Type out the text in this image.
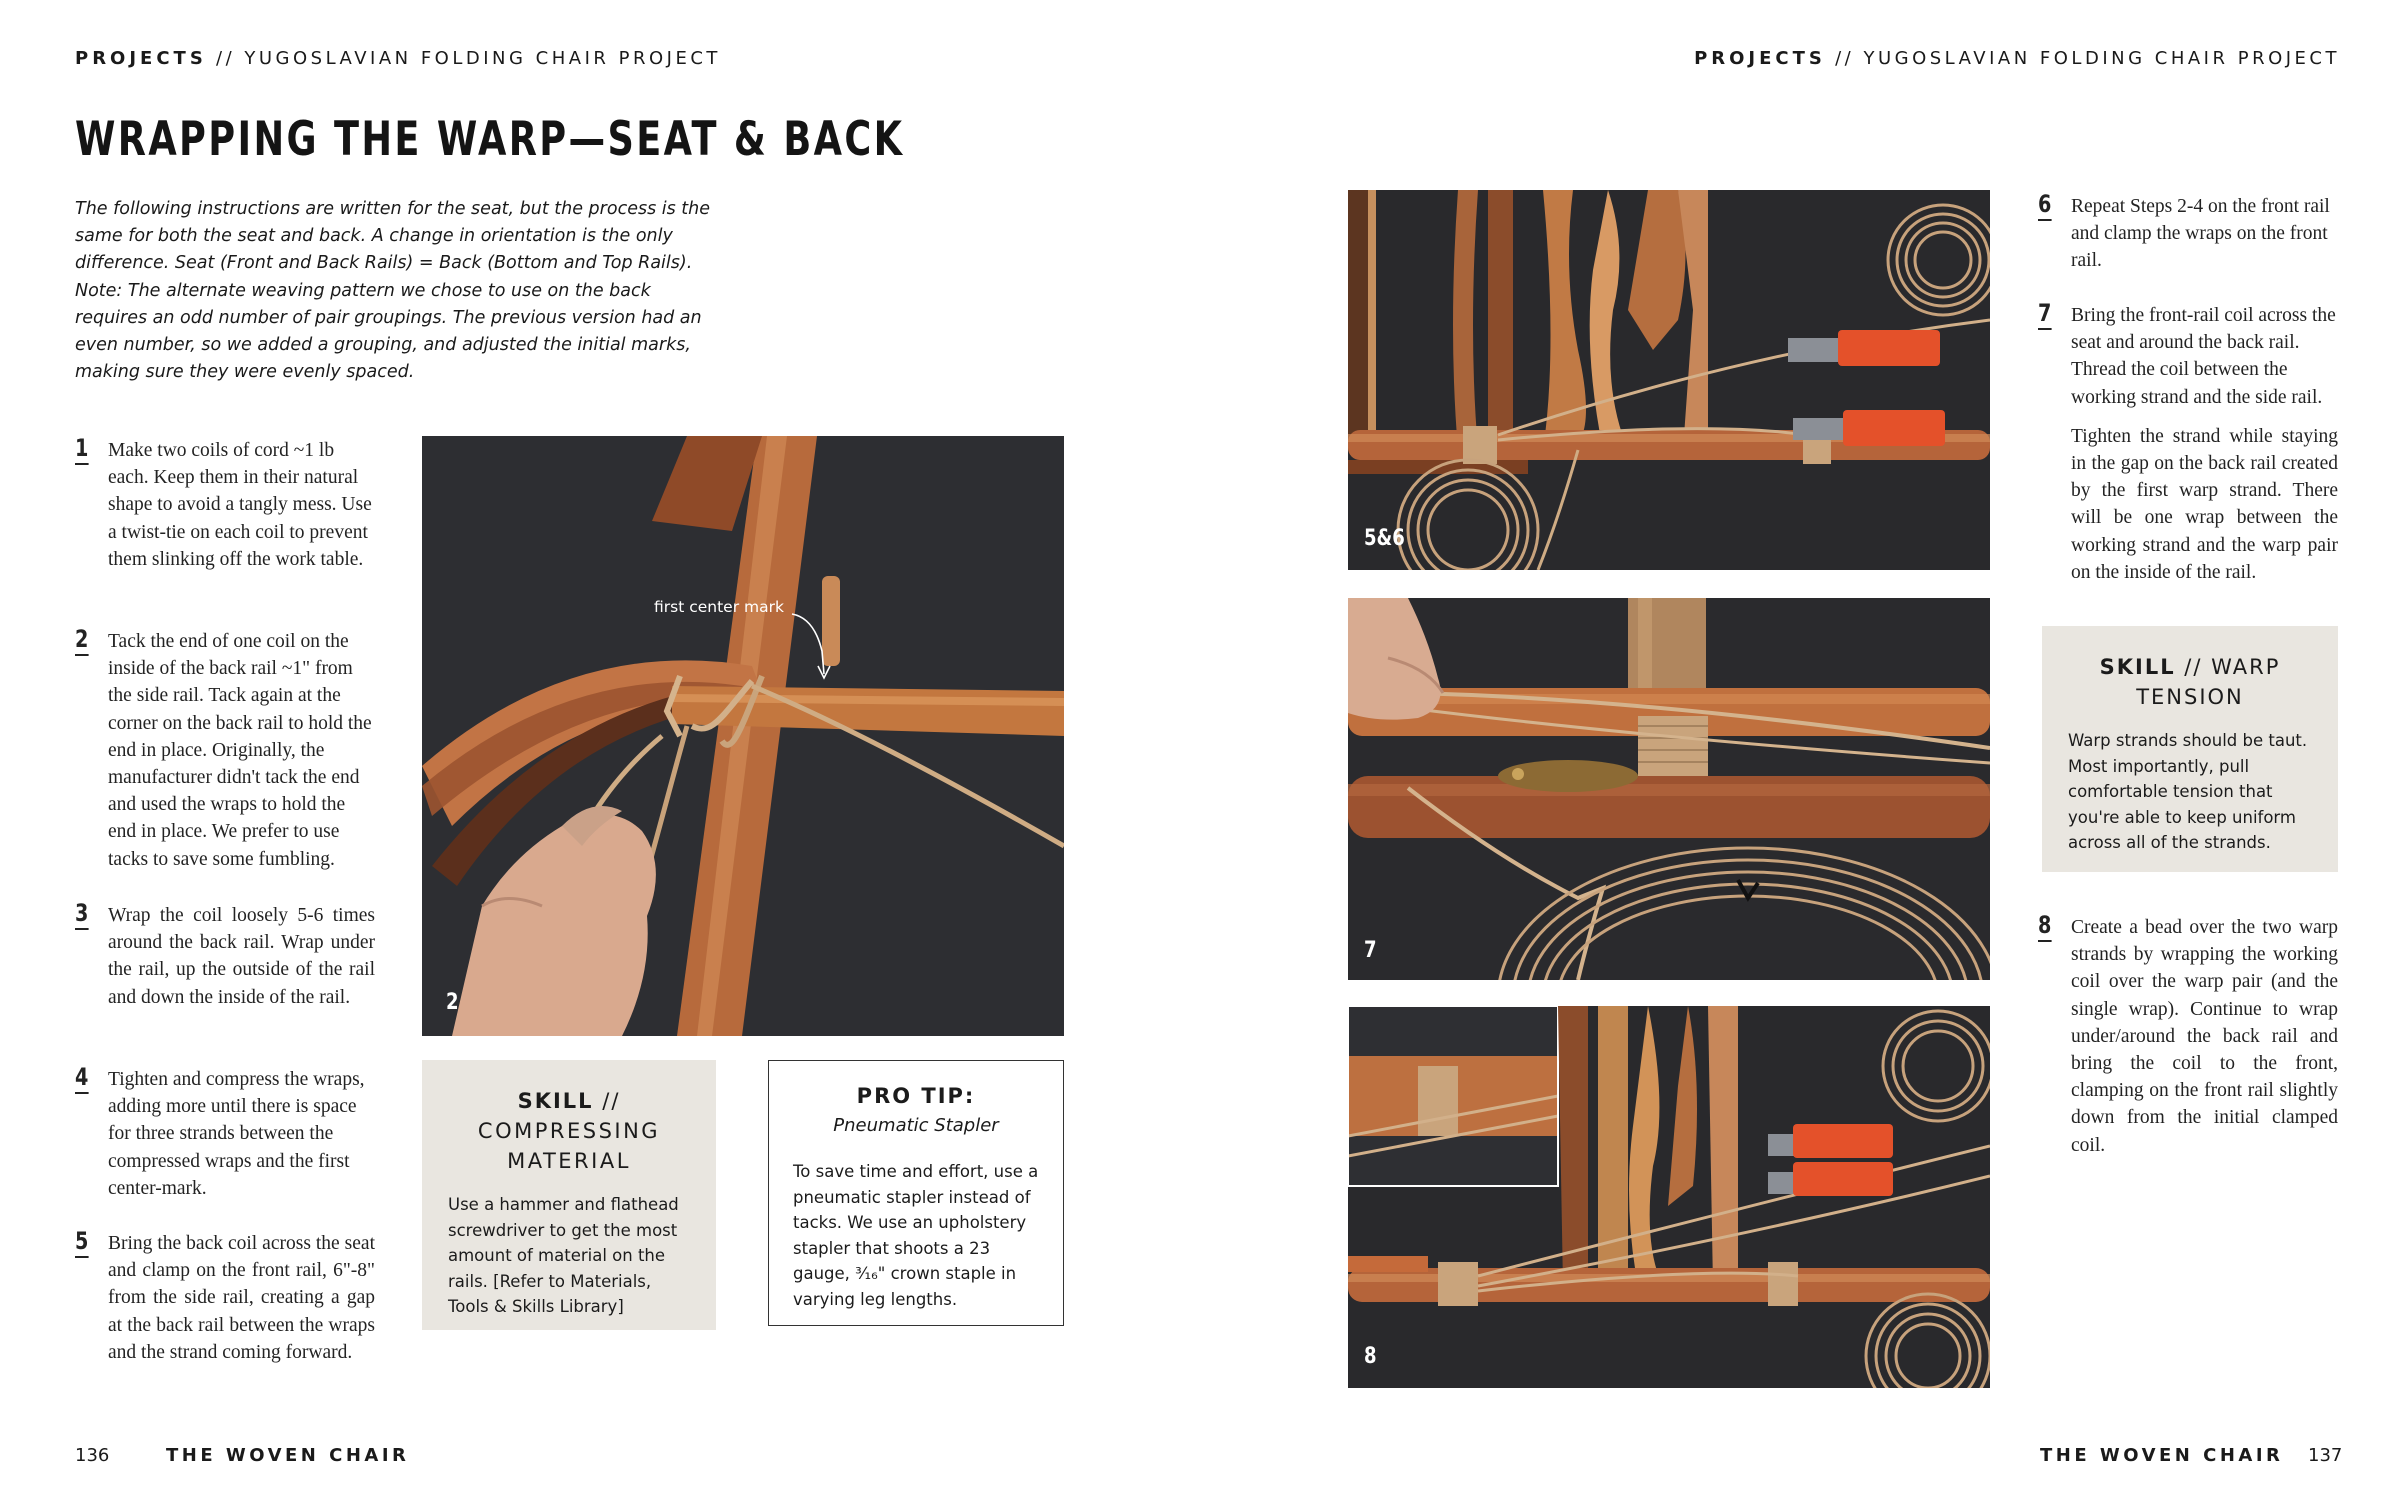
PROJECTS // YUGOSLAVIAN FOLDING CHAIR PROJECT	PROJECTS // YUGOSLAVIAN FOLDING CHAIR PROJECT
WRAPPING THE WARP—SEAT & BACK

The following instructions are written for the seat, but the process is the same for both the seat and back. A change in orientation is the only difference. Seat (Front and Back Rails) = Back (Bottom and Top Rails). Note: The alternate weaving pattern we chose to use on the back requires an odd number of pair groupings. The previous version had an even number, so we added a grouping, and adjusted the initial marks, making sure they were evenly spaced.

1 Make two coils of cord ~1 lb each. Keep them in their natural shape to avoid a tangly mess. Use a twist-tie on each coil to prevent them slinking off the work table.
2 Tack the end of one coil on the inside of the back rail ~1" from the side rail. Tack again at the corner on the back rail to hold the end in place. Originally, the manufacturer didn't tack the end and used the wraps to hold the end in place. We prefer to use tacks to save some fumbling.
3 Wrap the coil loosely 5-6 times around the back rail. Wrap under the rail, up the outside of the rail and down the inside of the rail.
4 Tighten and compress the wraps, adding more until there is space for three strands between the compressed wraps and the first center-mark.
5 Bring the back coil across the seat and clamp on the front rail, 6"-8" from the side rail, creating a gap at the back rail between the wraps and the strand coming forward.
first center mark
2
SKILL //
COMPRESSING MATERIAL
Use a hammer and flathead screwdriver to get the most amount of material on the rails. [Refer to Materials, Tools & Skills Library]
PRO TIP:
Pneumatic Stapler
To save time and effort, use a pneumatic stapler instead of tacks. We use an upholstery stapler that shoots a 23 gauge, ³⁄₁₆" crown staple in varying leg lengths.
5&6
7
8
6 Repeat Steps 2-4 on the front rail and clamp the wraps on the front rail.
7 Bring the front-rail coil across the seat and around the back rail. Thread the coil between the working strand and the side rail.

Tighten the strand while staying in the gap on the back rail created by the first warp strand. There will be one wrap between the working strand and the warp pair on the inside of the rail.

SKILL // WARP TENSION
Warp strands should be taut. Most importantly, pull comfortable tension that you're able to keep uniform across all of the strands.
8 Create a bead over the two warp strands by wrapping the working coil over the warp pair (and the single wrap). Continue to wrap under/around the back rail and bring the coil to the front, clamping on the front rail slightly down from the initial clamped coil.
136	THE WOVEN CHAIR	THE WOVEN CHAIR 137
